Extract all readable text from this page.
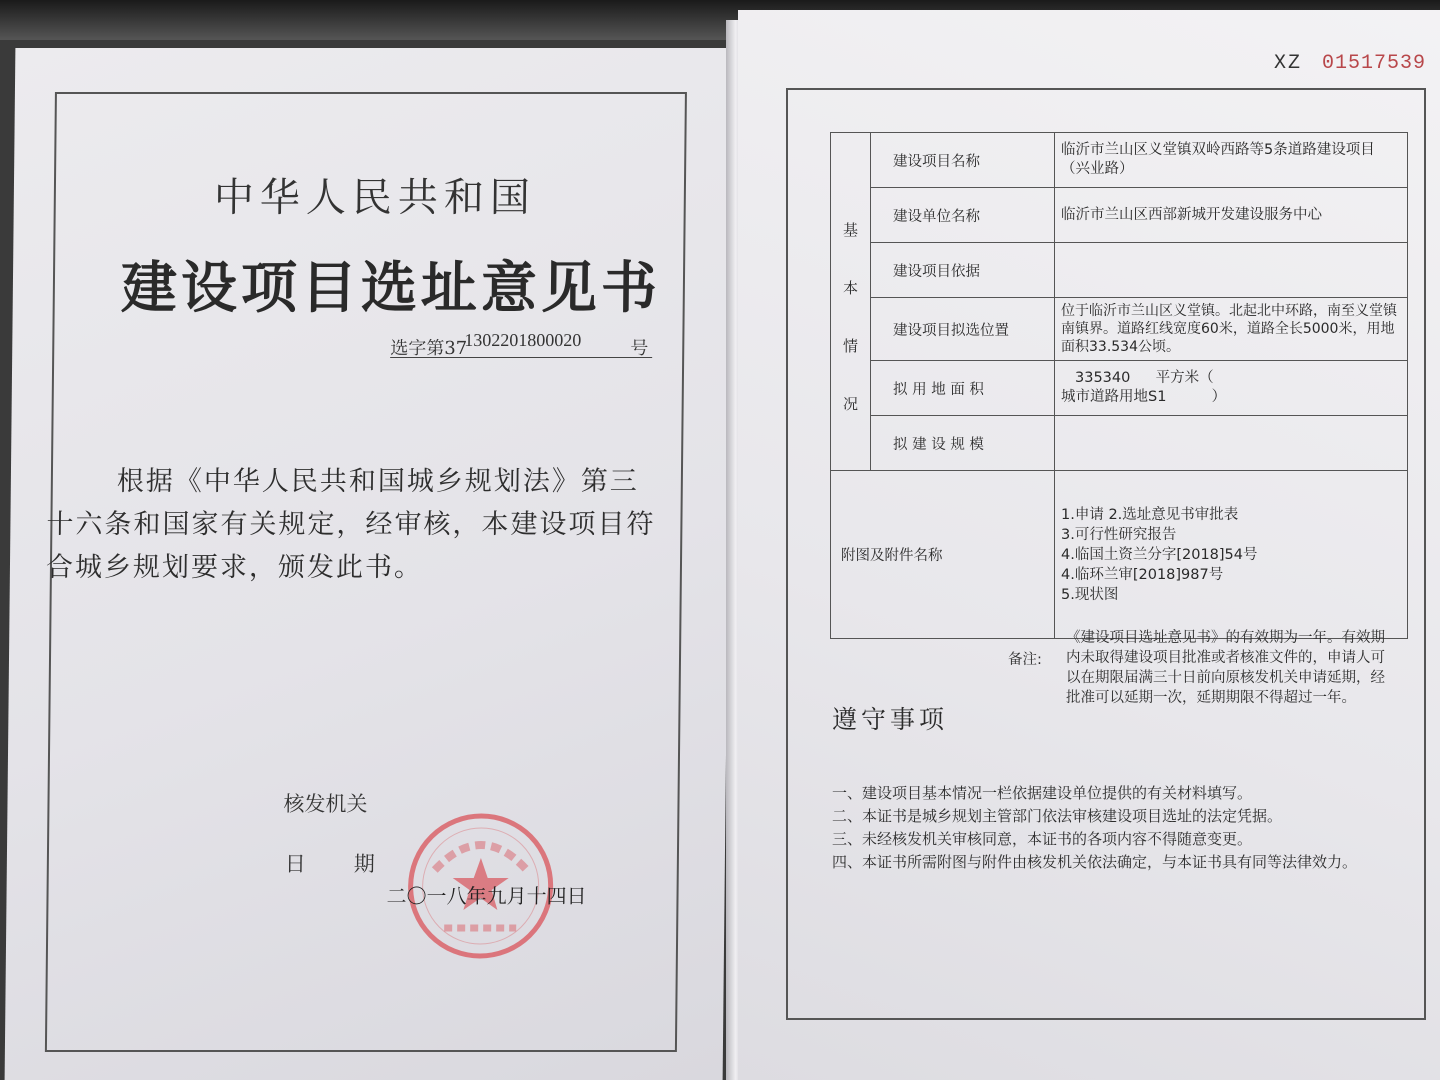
中华人民共和国
建设项目选址意见书
选字第37
1302201800020	号
根据《中华人民共和国城乡规划法》第三十六条和国家有关规定，经审核，本建设项目符合城乡规划要求，颁发此书。
核发机关
日期
二〇一八年九月十四日
XZ 01517539
基
本
情
况	建设项目名称	临沂市兰山区义堂镇双岭西路等5条道路建设项目（兴业路）
	建设单位名称	临沂市兰山区西部新城开发建设服务中心
	建设项目依据	
	建设项目拟选位置	位于临沂市兰山区义堂镇。北起北中环路，南至义堂镇南镇界。道路红线宽度60米，道路全长5000米，用地面积33.534公顷。
	拟 用 地 面 积	335340 平方米（ 城市道路用地S1 ）
	拟 建 设 规 模	
附图及附件名称		1.申请 2.选址意见书审批表
3.可行性研究报告
4.临国土资兰分字[2018]54号
4.临环兰审[2018]987号
5.现状图
备注:
《建设项目选址意见书》的有效期为一年。有效期内未取得建设项目批准或者核准文件的，申请人可以在期限届满三十日前向原核发机关申请延期，经批准可以延期一次，延期期限不得超过一年。
遵守事项
一、建设项目基本情况一栏依据建设单位提供的有关材料填写。
二、本证书是城乡规划主管部门依法审核建设项目选址的法定凭据。
三、未经核发机关审核同意，本证书的各项内容不得随意变更。
四、本证书所需附图与附件由核发机关依法确定，与本证书具有同等法律效力。
